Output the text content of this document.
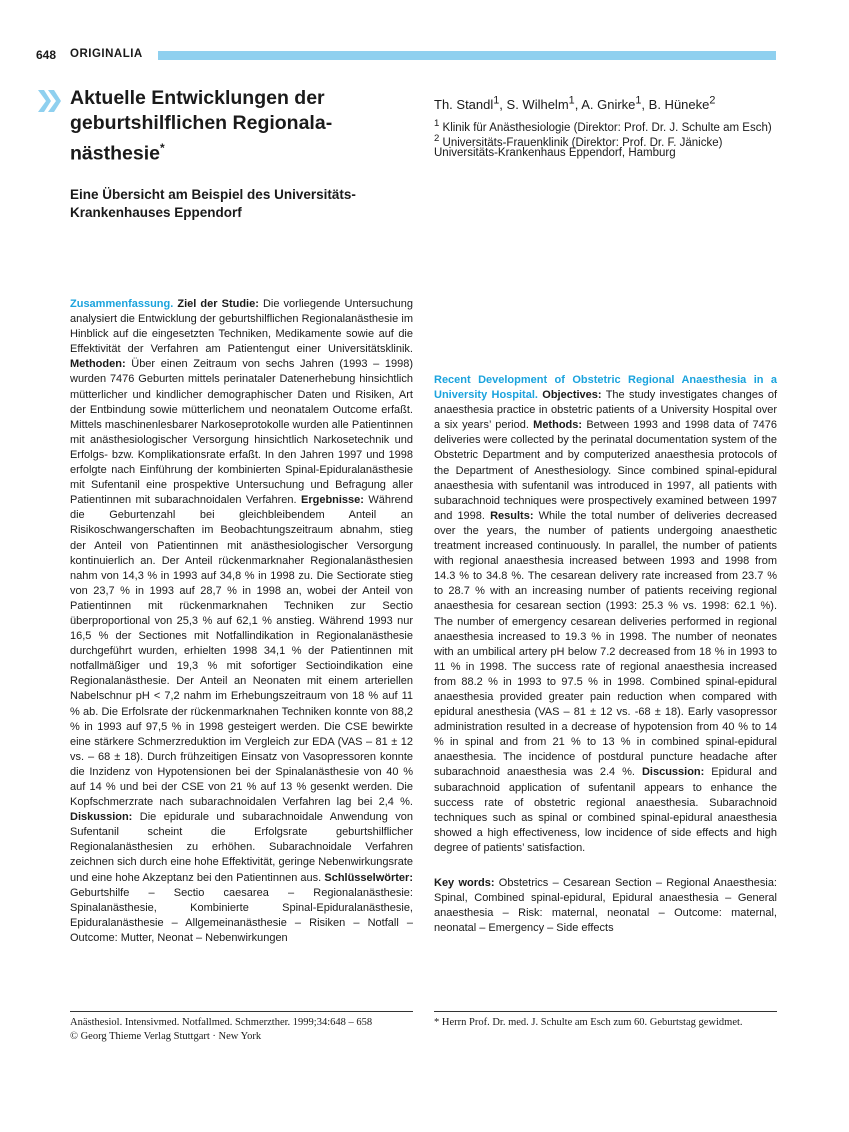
648 ORIGINALIA
Aktuelle Entwicklungen der geburtshilflichen Regionala-nästhesie*
Eine Übersicht am Beispiel des Universitäts-Krankenhauses Eppendorf
Th. Standl$^1$, S. Wilhelm$^1$, A. Gnirke$^1$, B. Hüneke$^2$
$^1$ Klinik für Anästhesiologie (Direktor: Prof. Dr. J. Schulte am Esch)
$^2$ Universitäts-Frauenklinik (Direktor: Prof. Dr. F. Jänicke)
Universitäts-Krankenhaus Eppendorf, Hamburg
Zusammenfassung. Ziel der Studie: Die vorliegende Untersuchung analysiert die Entwicklung der geburtshilflichen Regionalanästhesie im Hinblick auf die eingesetzten Techniken, Medikamente sowie auf die Effektivität der Verfahren am Patientengut einer Universitätsklinik. Methoden: Über einen Zeitraum von sechs Jahren (1993 – 1998) wurden 7476 Geburten mittels perinataler Datenerhebung hinsichtlich mütterlicher und kindlicher demographischer Daten und Risiken, Art der Entbindung sowie mütterlichem und neonatalem Outcome erfaßt. Mittels maschinenlesbarer Narkoseprotokolle wurden alle Patientinnen mit anästhesiologischer Versorgung hinsichtlich Narkosetechnik und Erfolgs- bzw. Komplikationsrate erfaßt. In den Jahren 1997 und 1998 erfolgte nach Einführung der kombinierten Spinal-Epiduralanästhesie mit Sufentanil eine prospektive Untersuchung und Befragung aller Patientinnen mit subarachnoidalen Verfahren. Ergebnisse: Während die Geburtenzahl bei gleichbleibendem Anteil an Risikoschwangerschaften im Beobachtungszeitraum abnahm, stieg der Anteil von Patientinnen mit anästhesiologischer Versorgung kontinuierlich an. Der Anteil rückenmarknaher Regionalanästhesien nahm von 14,3 % in 1993 auf 34,8 % in 1998 zu. Die Sectiorate stieg von 23,7 % in 1993 auf 28,7 % in 1998 an, wobei der Anteil von Patientinnen mit rückenmarknahen Techniken zur Sectio überproportional von 25,3 % auf 62,1 % anstieg. Während 1993 nur 16,5 % der Sectiones mit Notfallindikation in Regionalanästhesie durchgeführt wurden, erhielten 1998 34,1 % der Patientinnen mit notfallmäßiger und 19,3 % mit sofortiger Sectioindikation eine Regionalanästhesie. Der Anteil an Neonaten mit einem arteriellen Nabelschnur pH < 7,2 nahm im Erhebungszeitraum von 18 % auf 11 % ab. Die Erfolsrate der rückenmarknahen Techniken konnte von 88,2 % in 1993 auf 97,5 % in 1998 gesteigert werden. Die CSE bewirkte eine stärkere Schmerzreduktion im Vergleich zur EDA (VAS – 81 ± 12 vs. – 68 ± 18). Durch frühzeitigen Einsatz von Vasopressoren konnte die Inzidenz von Hypotensionen bei der Spinalanästhesie von 40 % auf 14 % und bei der CSE von 21 % auf 13 % gesenkt werden. Die Kopfschmerzrate nach subarachnoidalen Verfahren lag bei 2,4 %. Diskussion: Die epidurale und subarachnoidale Anwendung von Sufentanil scheint die Erfolgsrate geburtshilflicher Regionalanästhesien zu erhöhen. Subarachnoidale Verfahren zeichnen sich durch eine hohe Effektivität, geringe Nebenwirkungsrate und eine hohe Akzeptanz bei den Patientinnen aus. Schlüsselwörter: Geburtshilfe – Sectio caesarea – Regionalanästhesie: Spinalanästhesie, Kombinierte Spinal-Epiduralanästhesie, Epiduralanästhesie – Allgemeinanästhesie – Risiken – Notfall – Outcome: Mutter, Neonat – Nebenwirkungen
Recent Development of Obstetric Regional Anaesthesia in a University Hospital. Objectives: The study investigates changes of anaesthesia practice in obstetric patients of a University Hospital over a six years’ period. Methods: Between 1993 and 1998 data of 7476 deliveries were collected by the perinatal documentation system of the Obstetric Department and by computerized anaesthesia protocols of the Department of Anesthesiology. Since combined spinal-epidural anaesthesia with sufentanil was introduced in 1997, all patients with subarachnoid techniques were prospectively examined between 1997 and 1998. Results: While the total number of deliveries decreased over the years, the number of patients undergoing anaesthetic treatment increased continuously. In parallel, the number of patients with regional anaesthesia increased between 1993 and 1998 from 14.3 % to 34.8 %. The cesarean delivery rate increased from 23.7 % to 28.7 % with an increasing number of patients receiving regional anaesthesia for cesarean section (1993: 25.3 % vs. 1998: 62.1 %). The number of emergency cesarean deliveries performed in regional anaesthesia increased to 19.3 % in 1998. The number of neonates with an umbilical artery pH below 7.2 decreased from 18 % in 1993 to 11 % in 1998. The success rate of regional anaesthesia increased from 88.2 % in 1993 to 97.5 % in 1998. Combined spinal-epidural anaesthesia provided greater pain reduction when compared with epidural anesthesia (VAS – 81 ± 12 vs. -68 ± 18). Early vasopressor administration resulted in a decrease of hypotension from 40 % to 14 % in spinal and from 21 % to 13 % in combined spinal-epidural anaesthesia. The incidence of postdural puncture headache after subarachnoid anaesthesia was 2.4 %. Discussion: Epidural and subarachnoid application of sufentanil appears to enhance the success rate of obstetric regional anaesthesia. Subarachnoid techniques such as spinal or combined spinal-epidural anaesthesia showed a high effectiveness, low incidence of side effects and high degree of patients’ satisfaction.
Key words: Obstetrics – Cesarean Section – Regional Anaesthesia: Spinal, Combined spinal-epidural, Epidural anaesthesia – General anaesthesia – Risk: maternal, neonatal – Outcome: maternal, neonatal – Emergency – Side effects
Anästhesiol. Intensivmed. Notfallmed. Schmerzther. 1999;34:648 – 658
© Georg Thieme Verlag Stuttgart · New York
* Herrn Prof. Dr. med. J. Schulte am Esch zum 60. Geburtstag gewidmet.
